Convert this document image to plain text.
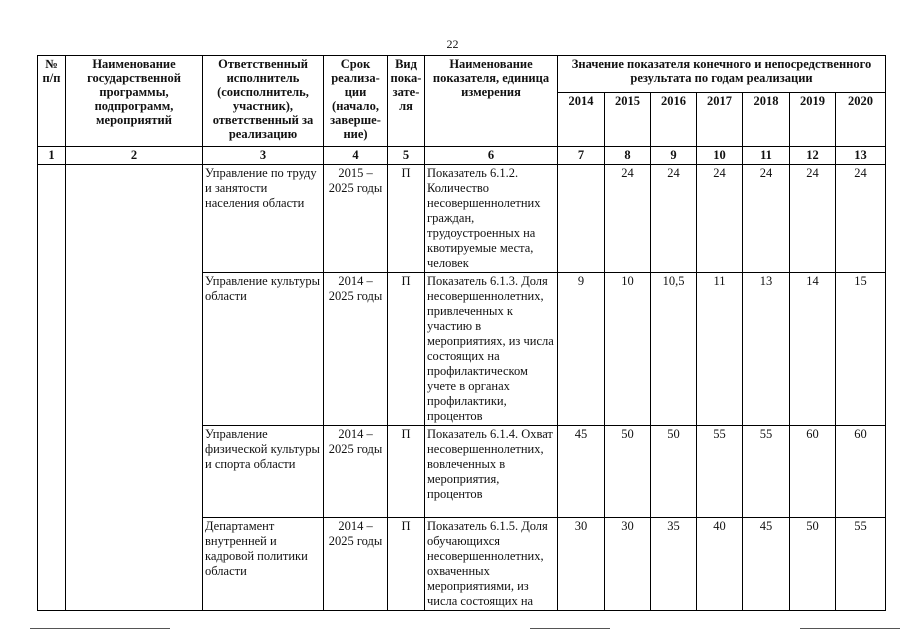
22
№ п/п	Наименование государственной программы, подпрограмм, мероприятий	Ответственный исполнитель (соисполнитель, участник), ответственный за реализацию	Срок реализа-ции (начало, заверше-ние)	Вид пока-зате-ля	Наименование показателя, единица измерения	Значение показателя конечного и непосредственного результата по годам реализации						
						2014	2015	2016	2017	2018	2019	2020
1	2	3	4	5	6	7	8	9	10	11	12	13
		Управление по труду и занятости населения области	2015 – 2025 годы	П	Показатель 6.1.2. Количество несовершеннолетних граждан, трудоустроенных на квотируемые места, человек		24	24	24	24	24	24
		Управление культуры области	2014 – 2025 годы	П	Показатель 6.1.3. Доля несовершеннолетних, привлеченных к участию в мероприятиях, из числа состоящих на профилактическом учете в органах профилактики, процентов	9	10	10,5	11	13	14	15
		Управление физической культуры и спорта области	2014 – 2025 годы	П	Показатель 6.1.4. Охват несовершеннолетних, вовлеченных в мероприятия, процентов	45	50	50	55	55	60	60
		Департамент внутренней и кадровой политики области	2014 – 2025 годы	П	Показатель 6.1.5. Доля обучающихся несовершеннолетних, охваченных мероприятиями, из числа состоящих на	30	30	35	40	45	50	55
